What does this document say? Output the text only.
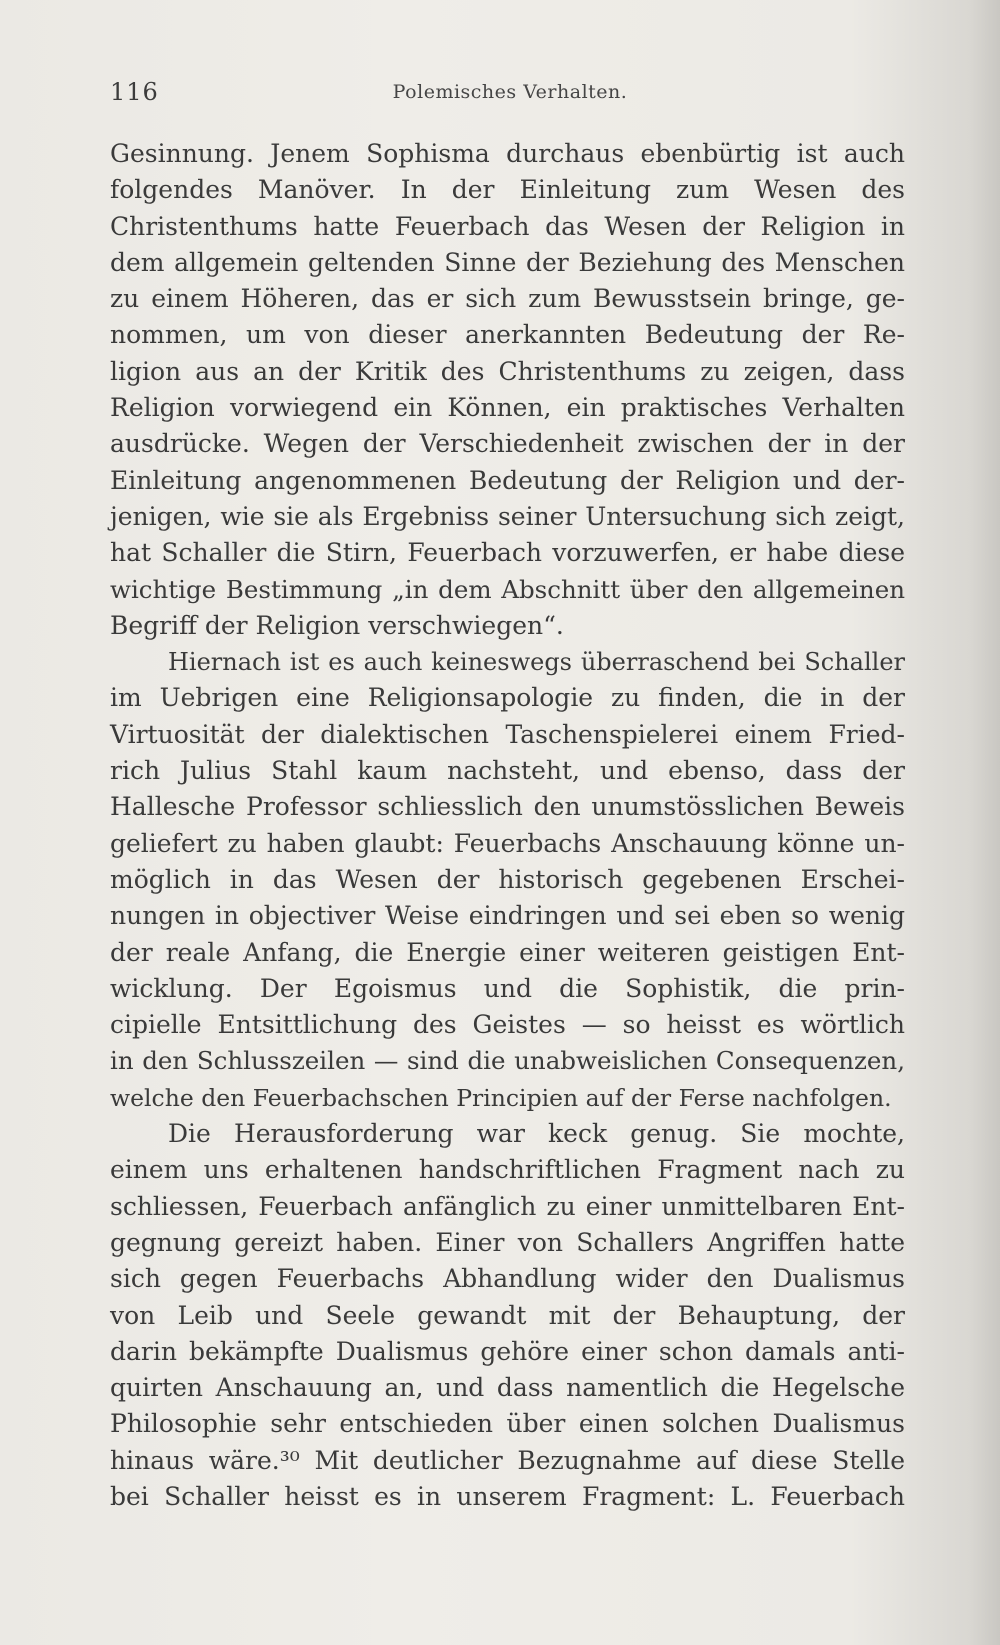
116	Polemisches Verhalten.
Gesinnung. Jenem Sophisma durchaus ebenbürtig ist auch
folgendes Manöver. In der Einleitung zum Wesen des
Christenthums hatte Feuerbach das Wesen der Religion in
dem allgemein geltenden Sinne der Beziehung des Menschen
zu einem Höheren, das er sich zum Bewusstsein bringe, ge-
nommen, um von dieser anerkannten Bedeutung der Re-
ligion aus an der Kritik des Christenthums zu zeigen, dass
Religion vorwiegend ein Können, ein praktisches Verhalten
ausdrücke. Wegen der Verschiedenheit zwischen der in der
Einleitung angenommenen Bedeutung der Religion und der-
jenigen, wie sie als Ergebniss seiner Untersuchung sich zeigt,
hat Schaller die Stirn, Feuerbach vorzuwerfen, er habe diese
wichtige Bestimmung „in dem Abschnitt über den allgemeinen
Begriff der Religion verschwiegen“.
Hiernach ist es auch keineswegs überraschend bei Schaller
im Uebrigen eine Religionsapologie zu finden, die in der
Virtuosität der dialektischen Taschenspielerei einem Fried-
rich Julius Stahl kaum nachsteht, und ebenso, dass der
Hallesche Professor schliesslich den unumstösslichen Beweis
geliefert zu haben glaubt: Feuerbachs Anschauung könne un-
möglich in das Wesen der historisch gegebenen Erschei-
nungen in objectiver Weise eindringen und sei eben so wenig
der reale Anfang, die Energie einer weiteren geistigen Ent-
wicklung. Der Egoismus und die Sophistik, die prin-
cipielle Entsittlichung des Geistes — so heisst es wörtlich
in den Schlusszeilen — sind die unabweislichen Consequenzen,
welche den Feuerbachschen Principien auf der Ferse nachfolgen.
Die Herausforderung war keck genug. Sie mochte,
einem uns erhaltenen handschriftlichen Fragment nach zu
schliessen, Feuerbach anfänglich zu einer unmittelbaren Ent-
gegnung gereizt haben. Einer von Schallers Angriffen hatte
sich gegen Feuerbachs Abhandlung wider den Dualismus
von Leib und Seele gewandt mit der Behauptung, der
darin bekämpfte Dualismus gehöre einer schon damals anti-
quirten Anschauung an, und dass namentlich die Hegelsche
Philosophie sehr entschieden über einen solchen Dualismus
hinaus wäre.³⁰ Mit deutlicher Bezugnahme auf diese Stelle
bei Schaller heisst es in unserem Fragment: L. Feuerbach
